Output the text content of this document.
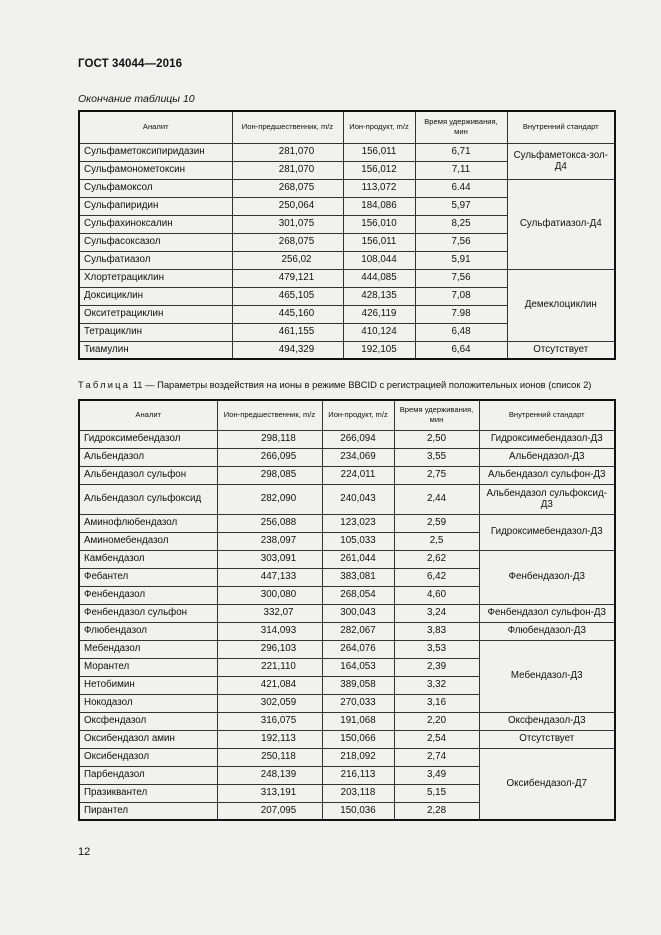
ГОСТ 34044—2016
Окончание таблицы 10
Аналит	Ион-предшественник, m/z	Ион-продукт, m/z	Время удерживания, мин	Внутренний стандарт
Сульфаметоксипиридазин	281,070	156,011	6,71	Сульфаметокса-зол-Д4
Сульфамонометоксин	281,070	156,012	7,11	
Сульфамоксол	268,075	113,072	6.44	Сульфатиазол-Д4
Сульфапиридин	250,064	184,086	5,97	
Сульфахиноксалин	301,075	156,010	8,25	
Сульфасоксазол	268,075	156,011	7,56	
Сульфатиазол	256,02	108,044	5,91	
Хлортетрациклин	479,121	444,085	7,56	Демеклоциклин
Доксициклин	465,105	428,135	7,08	
Окситетрациклин	445,160	426,119	7.98	
Тетрациклин	461,155	410,124	6,48	
Тиамулин	494,329	192,105	6,64	Отсутствует
Таблица 11 — Параметры воздействия на ионы в режиме BBCID с регистрацией положительных ионов (список 2)
Аналит	Ион-предшественник, m/z	Ион-продукт, m/z	Время удерживания, мин	Внутренний стандарт
Гидроксимебендазол	298,118	266,094	2,50	Гидроксимебендазол-Д3
Альбендазол	266,095	234,069	3,55	Альбендазол-Д3
Альбендазол сульфон	298,085	224,011	2,75	Альбендазол сульфон-Д3
Альбендазол сульфоксид	282,090	240,043	2,44	Альбендазол сульфоксид-Д3
Аминофлюбендазол	256,088	123,023	2,59	Гидроксимебендазол-Д3
Аминомебендазол	238,097	105,033	2,5	
Камбендазол	303,091	261,044	2,62	Фенбендазол-Д3
Фебантел	447,133	383,081	6,42	
Фенбендазол	300,080	268,054	4,60	
Фенбендазол сульфон	332,07	300,043	3,24	Фенбендазол сульфон-Д3
Флюбендазол	314,093	282,067	3,83	Флюбендазол-Д3
Мебендазол	296,103	264,076	3,53	Мебендазол-Д3
Морантел	221,110	164,053	2,39	
Нетобимин	421,084	389,058	3,32	
Нокодазол	302,059	270,033	3,16	
Оксфендазол	316,075	191,068	2,20	Оксфендазол-Д3
Оксибендазол амин	192,113	150,066	2,54	Отсутствует
Оксибендазол	250,118	218,092	2,74	Оксибендазол-Д7
Парбендазол	248,139	216,113	3,49	
Празиквантел	313,191	203,118	5,15	
Пирантел	207,095	150,036	2,28	
12
